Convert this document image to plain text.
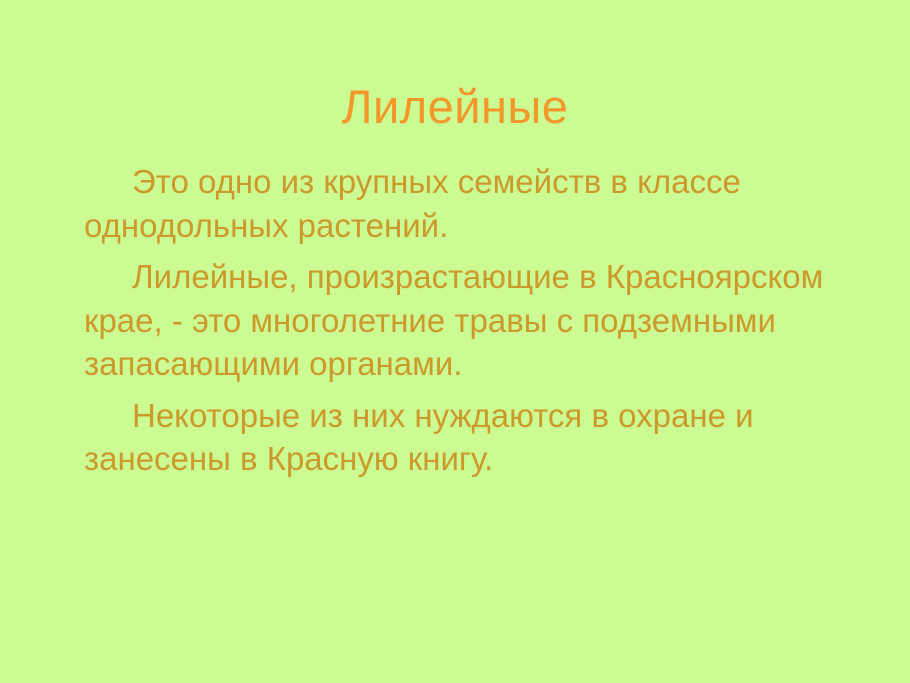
Лилейные

Это одно из крупных семейств в классе однодольных растений.

Лилейные, произрастающие в Красноярском крае, - это многолетние травы с подземными запасающими органами.

Некоторые из них нуждаются в охране и занесены в Красную книгу.
